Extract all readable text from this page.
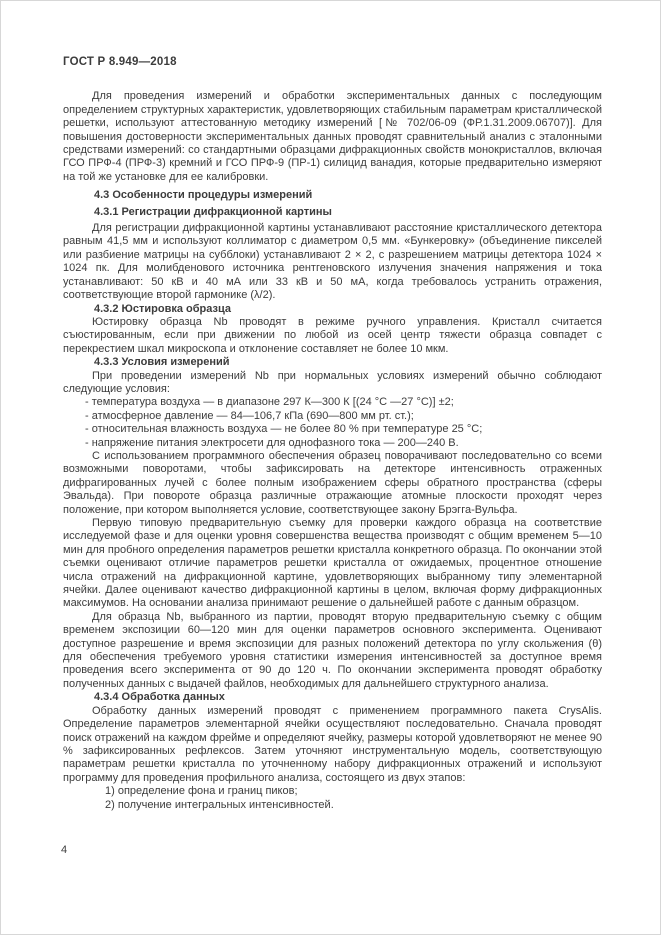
ГОСТ Р 8.949—2018

Для проведения измерений и обработки экспериментальных данных с последующим определением структурных характеристик, удовлетворяющих стабильным параметрам кристаллической решетки, используют аттестованную методику измерений [№ 702/06-09 (ФР.1.31.2009.06707)]. Для повышения достоверности экспериментальных данных проводят сравнительный анализ с эталонными средствами измерений: со стандартными образцами дифракционных свойств монокристаллов, включая ГСО ПРФ-4 (ПРФ-3) кремний и ГСО ПРФ-9 (ПР-1) силицид ванадия, которые предварительно измеряют на той же установке для ее калибровки.

4.3 Особенности процедуры измерений
4.3.1 Регистрации дифракционной картины

Для регистрации дифракционной картины устанавливают расстояние кристаллического детектора равным 41,5 мм и используют коллиматор с диаметром 0,5 мм. «Бункеровку» (объединение пикселей или разбиение матрицы на субблоки) устанавливают 2 × 2, с разрешением матрицы детектора 1024 × 1024 пк. Для молибденового источника рентгеновского излучения значения напряжения и тока устанавливают: 50 кВ и 40 мА или 33 кВ и 50 мА, когда требовалось устранить отражения, соответствующие второй гармонике (λ/2).

4.3.2 Юстировка образца

Юстировку образца Nb проводят в режиме ручного управления. Кристалл считается съюстированным, если при движении по любой из осей центр тяжести образца совпадет с перекрестием шкал микроскопа и отклонение составляет не более 10 мкм.

4.3.3 Условия измерений

При проведении измерений Nb при нормальных условиях измерений обычно соблюдают следующие условия:

- температура воздуха — в диапазоне 297 К—300 К [(24 °С —27 °С)] ±2;

- атмосферное давление — 84—106,7 кПа (690—800 мм рт. ст.);

- относительная влажность воздуха — не более 80 % при температуре 25 °С;

- напряжение питания электросети для однофазного тока — 200—240 В.

С использованием программного обеспечения образец поворачивают последовательно со всеми возможными поворотами, чтобы зафиксировать на детекторе интенсивность отраженных дифрагированных лучей с более полным изображением сферы обратного пространства (сферы Эвальда). При повороте образца различные отражающие атомные плоскости проходят через положение, при котором выполняется условие, соответствующее закону Брэгга-Вульфа.

Первую типовую предварительную съемку для проверки каждого образца на соответствие исследуемой фазе и для оценки уровня совершенства вещества производят с общим временем 5—10 мин для пробного определения параметров решетки кристалла конкретного образца. По окончании этой съемки оценивают отличие параметров решетки кристалла от ожидаемых, процентное отношение числа отражений на дифракционной картине, удовлетворяющих выбранному типу элементарной ячейки. Далее оценивают качество дифракционной картины в целом, включая форму дифракционных максимумов. На основании анализа принимают решение о дальнейшей работе с данным образцом.

Для образца Nb, выбранного из партии, проводят вторую предварительную съемку с общим временем экспозиции 60—120 мин для оценки параметров основного эксперимента. Оценивают доступное разрешение и время экспозиции для разных положений детектора по углу скольжения (θ) для обеспечения требуемого уровня статистики измерения интенсивностей за доступное время проведения всего эксперимента от 90 до 120 ч. По окончании эксперимента проводят обработку полученных данных с выдачей файлов, необходимых для дальнейшего структурного анализа.

4.3.4 Обработка данных

Обработку данных измерений проводят с применением программного пакета CrysAlis. Определение параметров элементарной ячейки осуществляют последовательно. Сначала проводят поиск отражений на каждом фрейме и определяют ячейку, размеры которой удовлетворяют не менее 90 % зафиксированных рефлексов. Затем уточняют инструментальную модель, соответствующую параметрам решетки кристалла по уточненному набору дифракционных отражений и используют программу для проведения профильного анализа, состоящего из двух этапов:

1) определение фона и границ пиков;

2) получение интегральных интенсивностей.

4
